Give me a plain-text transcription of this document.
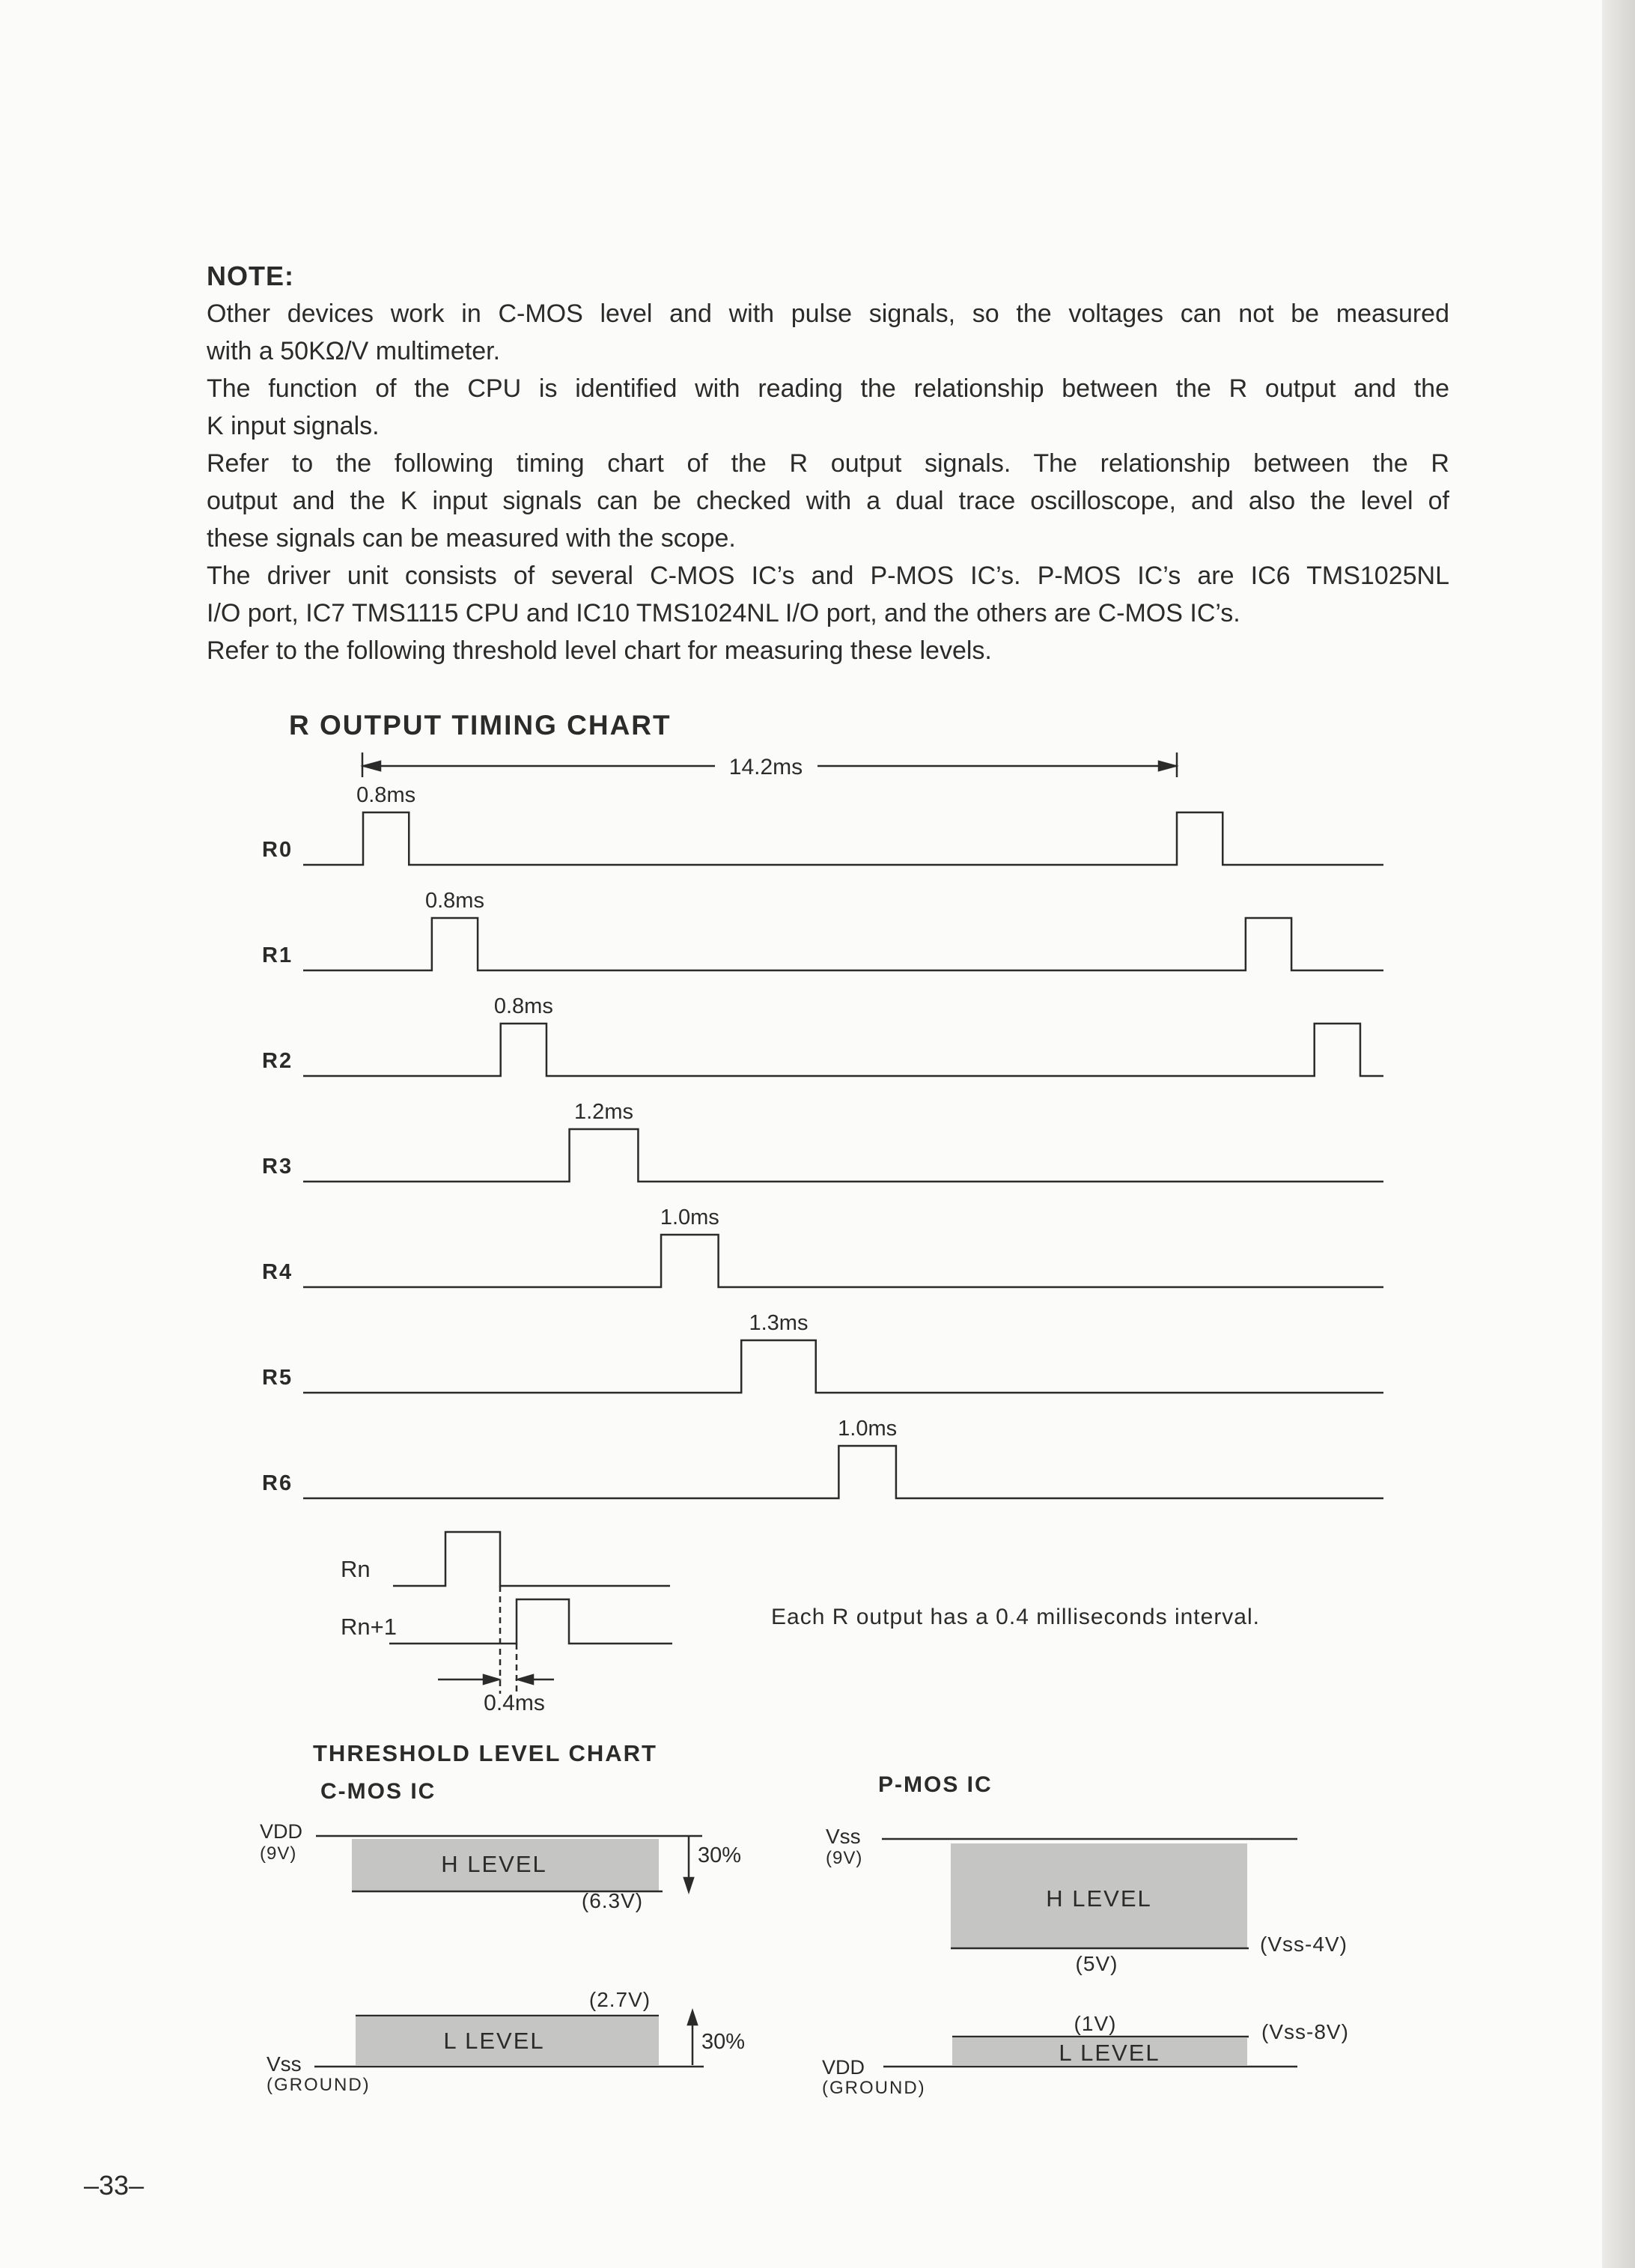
NOTE:

Other devices work in C-MOS level and with pulse signals, so the voltages can not be measured

with a 50KΩ/V multimeter.

The function of the CPU is identified with reading the relationship between the R output and the

K input signals.

Refer to the following timing chart of the R output signals. The relationship between the R

output and the K input signals can be checked with a dual trace oscilloscope, and also the level of

these signals can be measured with the scope.

The driver unit consists of several C-MOS IC’s and P-MOS IC’s. P-MOS IC’s are IC6 TMS1025NL

I/O port, IC7 TMS1115 CPU and IC10 TMS1024NL I/O port, and the others are C-MOS IC’s.

Refer to the following threshold level chart for measuring these levels.

R OUTPUT TIMING CHART
14.2ms
R0
0.8ms
R1
0.8ms
R2
0.8ms
R3
1.2ms
R4
1.0ms
R5
1.3ms
R6
1.0ms
Rn
Rn+1
0.4ms
Each R output has a 0.4 milliseconds interval.
THRESHOLD LEVEL CHART
C-MOS IC
VDD
(9V)	H LEVEL	30%
(6.3V)
(2.7V)
L LEVEL	30%
Vss
(GROUND)
P-MOS IC
Vss
(9V)
H LEVEL
(5V)
(Vss-4V)
(1V)
L LEVEL
(Vss-8V)
VDD
(GROUND)
–33–
